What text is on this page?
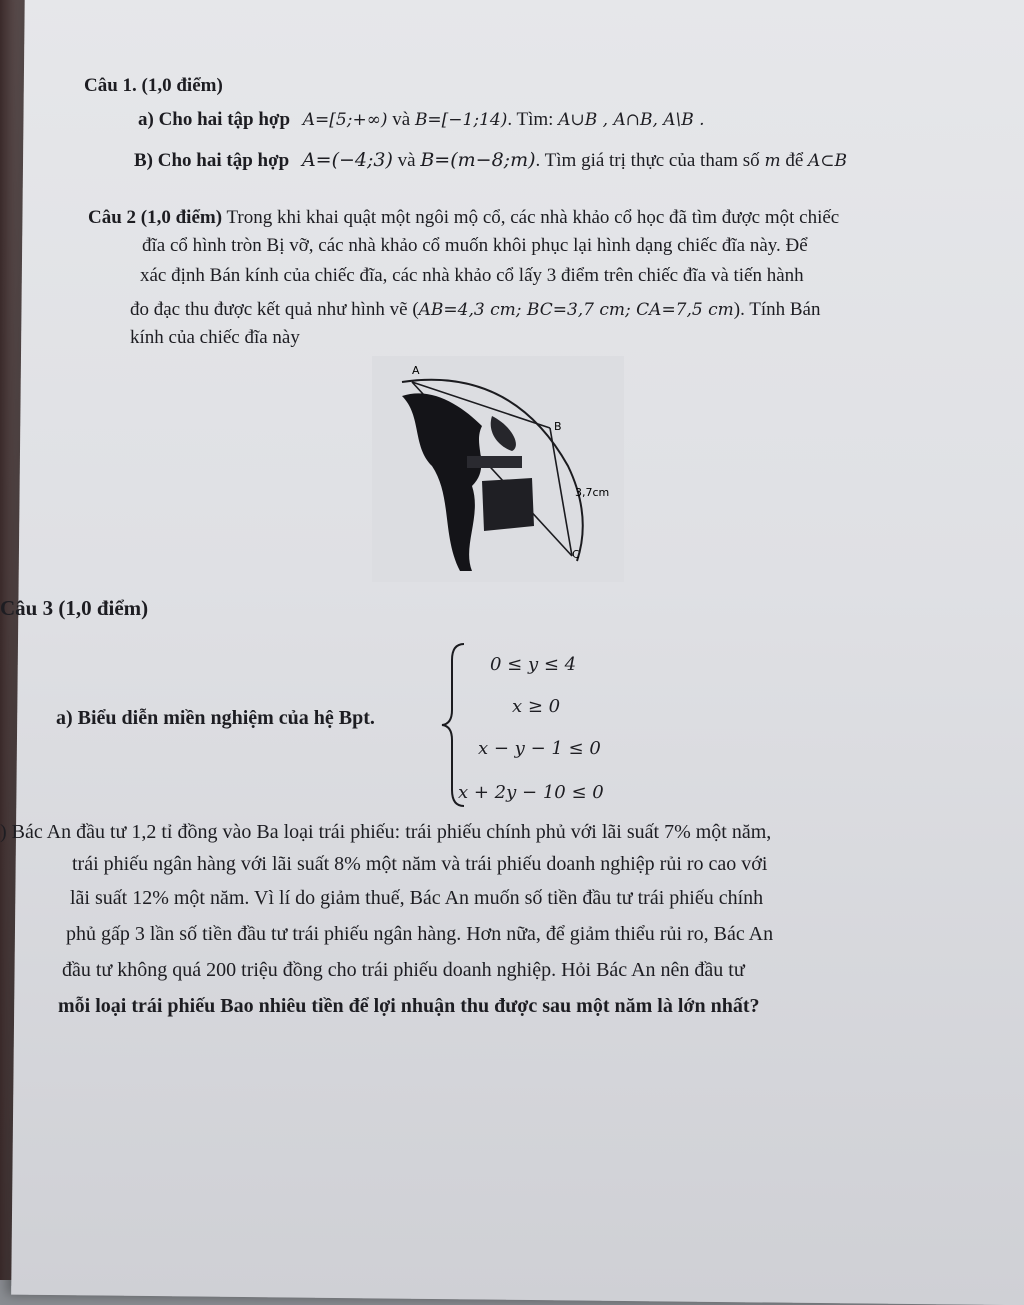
Câu 1. (1,0 điểm)
a) Cho hai tập hợp A=[5;+∞) và B=[−1;14). Tìm: A∪B , A∩B, A\B .
B) Cho hai tập hợp A=(−4;3) và B=(m−8;m). Tìm giá trị thực của tham số m để A⊂B
Câu 2 (1,0 điểm) Trong khi khai quật một ngôi mộ cổ, các nhà khảo cổ học đã tìm được một chiếc
đĩa cổ hình tròn Bị vỡ, các nhà khảo cổ muốn khôi phục lại hình dạng chiếc đĩa này. Để
xác định Bán kính của chiếc đĩa, các nhà khảo cổ lấy 3 điểm trên chiếc đĩa và tiến hành
đo đạc thu được kết quả như hình vẽ (AB=4,3 cm; BC=3,7 cm; CA=7,5 cm). Tính Bán
kính của chiếc đĩa này
A
B
3,7cm
C
Câu 3 (1,0 điểm)
a) Biểu diễn miền nghiệm của hệ Bpt.
0 ≤ y ≤ 4
x ≥ 0
x − y − 1 ≤ 0
x + 2y − 10 ≤ 0
) Bác An đầu tư 1,2 tỉ đồng vào Ba loại trái phiếu: trái phiếu chính phủ với lãi suất 7% một năm,
trái phiếu ngân hàng với lãi suất 8% một năm và trái phiếu doanh nghiệp rủi ro cao với
lãi suất 12% một năm. Vì lí do giảm thuế, Bác An muốn số tiền đầu tư trái phiếu chính
phủ gấp 3 lần số tiền đầu tư trái phiếu ngân hàng. Hơn nữa, để giảm thiểu rủi ro, Bác An
đầu tư không quá 200 triệu đồng cho trái phiếu doanh nghiệp. Hỏi Bác An nên đầu tư
mỗi loại trái phiếu Bao nhiêu tiền để lợi nhuận thu được sau một năm là lớn nhất?
